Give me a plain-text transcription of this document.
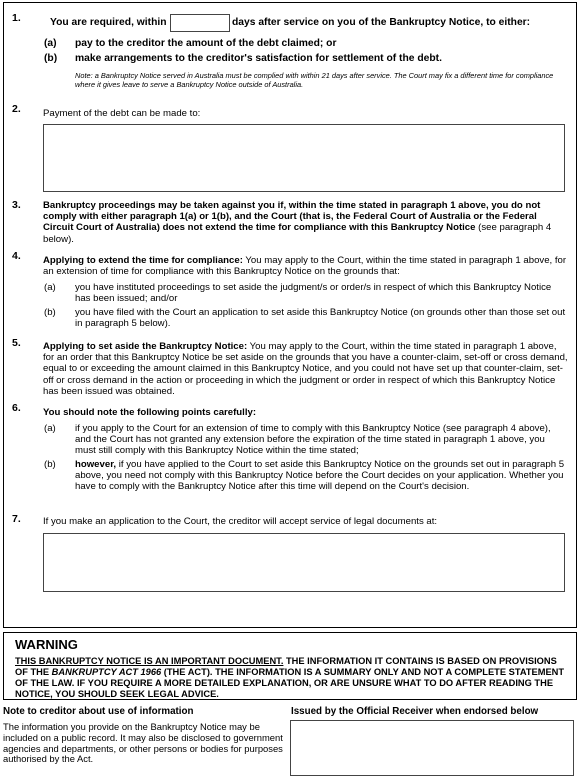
1.	You are required, within	days after service on you of the Bankruptcy Notice, to either:
(a) pay to the creditor the amount of the debt claimed; or
(b) make arrangements to the creditor's satisfaction for settlement of the debt.
Note: a Bankruptcy Notice served in Australia must be complied with within 21 days after service. The Court may fix a different time for compliance where it gives leave to serve a Bankruptcy Notice outside of Australia.
2. Payment of the debt can be made to:
3. Bankruptcy proceedings may be taken against you if, within the time stated in paragraph 1 above, you do not comply with either paragraph 1(a) or 1(b), and the Court (that is, the Federal Court of Australia or the Federal Circuit Court of Australia) does not extend the time for compliance with this Bankruptcy Notice (see paragraph 4 below).
4. Applying to extend the time for compliance: You may apply to the Court, within the time stated in paragraph 1 above, for an extension of time for compliance with this Bankruptcy Notice on the grounds that:
(a) you have instituted proceedings to set aside the judgment/s or order/s in respect of which this Bankruptcy Notice has been issued; and/or
(b) you have filed with the Court an application to set aside this Bankruptcy Notice (on grounds other than those set out in paragraph 5 below).
5. Applying to set aside the Bankruptcy Notice: You may apply to the Court, within the time stated in paragraph 1 above, for an order that this Bankruptcy Notice be set aside on the grounds that you have a counter-claim, set-off or cross demand, equal to or exceeding the amount claimed in this Bankruptcy Notice, and you could not have set up that counter-claim, set-off or cross demand in the action or proceeding in which the judgment or order in respect of which this Bankruptcy Notice has been issued was obtained.
6. You should note the following points carefully:
(a) if you apply to the Court for an extension of time to comply with this Bankruptcy Notice (see paragraph 4 above), and the Court has not granted any extension before the expiration of the time stated in paragraph 1 above, you must still comply with this Bankruptcy Notice within the time stated;
(b) however, if you have applied to the Court to set aside this Bankruptcy Notice on the grounds set out in paragraph 5 above, you need not comply with this Bankruptcy Notice before the Court decides on your application. Whether you have to comply with the Bankruptcy Notice after this time will depend on the Court's decision.
7. If you make an application to the Court, the creditor will accept service of legal documents at:
WARNING
THIS BANKRUPTCY NOTICE IS AN IMPORTANT DOCUMENT. THE INFORMATION IT CONTAINS IS BASED ON PROVISIONS OF THE BANKRUPTCY ACT 1966 (THE ACT). THE INFORMATION IS A SUMMARY ONLY AND NOT A COMPLETE STATEMENT OF THE LAW. IF YOU REQUIRE A MORE DETAILED EXPLANATION, OR ARE UNSURE WHAT TO DO AFTER READING THE NOTICE, YOU SHOULD SEEK LEGAL ADVICE.
Note to creditor about use of information
The information you provide on the Bankruptcy Notice may be included on a public record. It may also be disclosed to government agencies and departments, or other persons or bodies for purposes authorised by the Act.
Issued by the Official Receiver when endorsed below
